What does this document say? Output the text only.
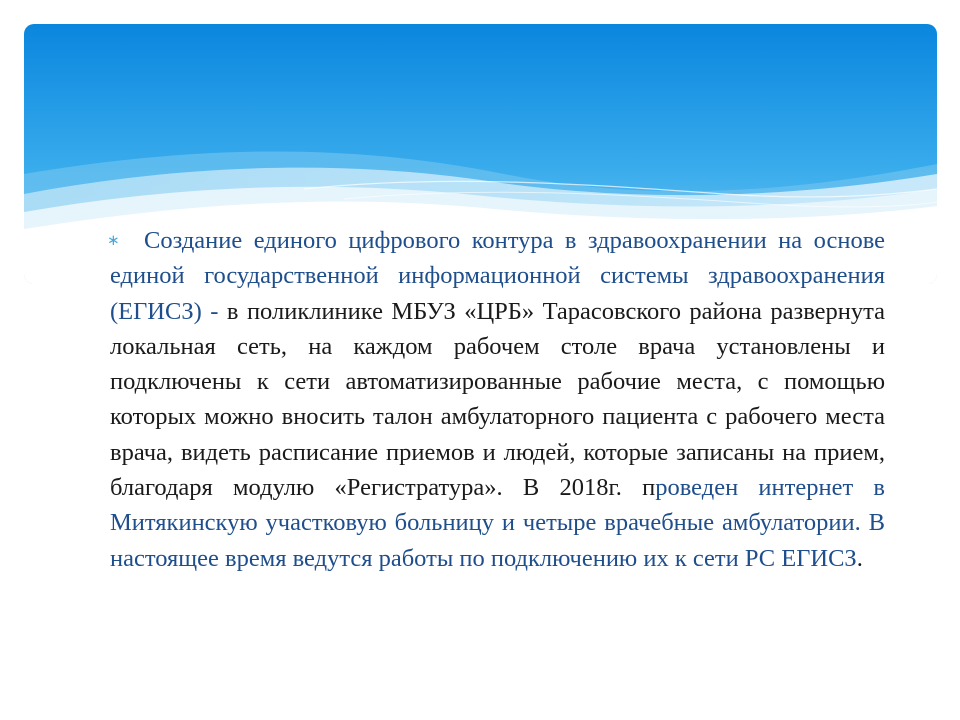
∗ Создание единого цифрового контура в здравоохранении на основе единой государственной информационной системы здравоохранения (ЕГИСЗ) - в поликлинике МБУЗ «ЦРБ» Тарасовского района развернута локальная сеть, на каждом рабочем столе врача установлены и подключены к сети автоматизированные рабочие места, с помощью которых можно вносить талон амбулаторного пациента с рабочего места врача, видеть расписание приемов и людей, которые записаны на прием, благодаря модулю «Регистратура». В 2018г. проведен интернет в Митякинскую участковую больницу и четыре врачебные амбулатории. В настоящее время ведутся работы по подключению их к сети РС ЕГИСЗ.
